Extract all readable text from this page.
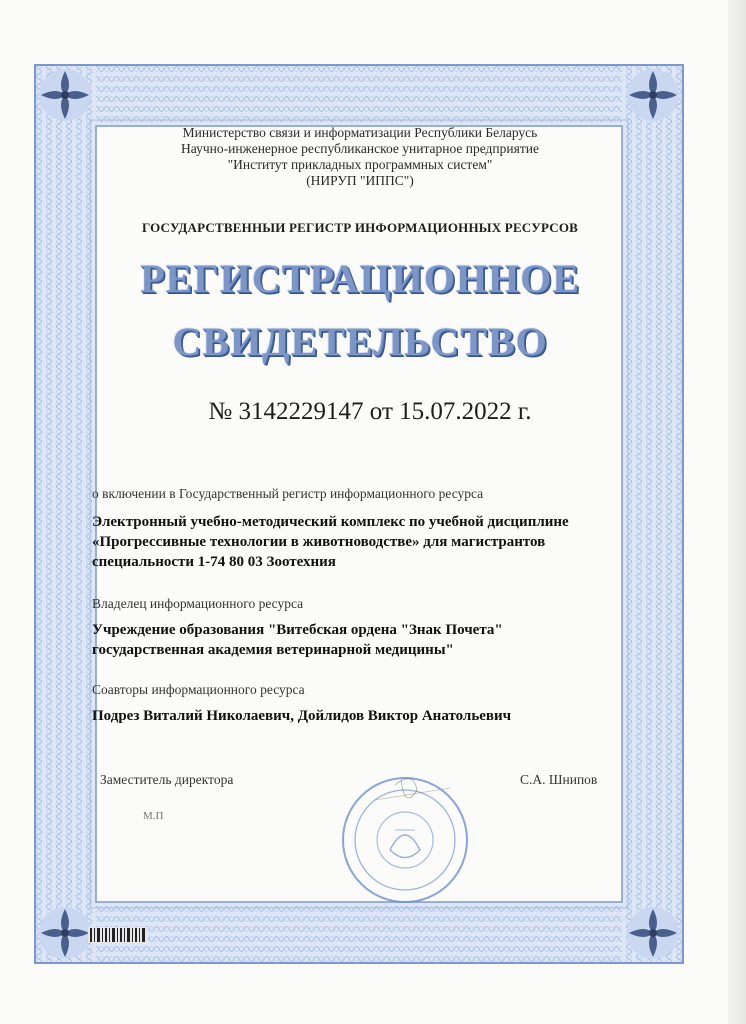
Министерство связи и информатизации Республики Беларусь
Научно-инженерное республиканское унитарное предприятие
"Институт прикладных программных систем"
(НИРУП "ИППС")
ГОСУДАРСТВЕННЫИ РЕГИСТР ИНФОРМАЦИОННЫХ РЕСУРСОВ
РЕГИСТРАЦИОННОЕ
СВИДЕТЕЛЬСТВО
№ 3142229147 от 15.07.2022 г.
о включении в Государственный регистр информационного ресурса
Электронный учебно-методический комплекс по учебной дисциплине
«Прогрессивные технологии в животноводстве» для магистрантов
специальности 1-74 80 03 Зоотехния
Владелец информационного ресурса
Учреждение образования "Витебская ордена "Знак Почета"
государственная академия ветеринарной медицины"
Соавторы информационного ресурса
Подрез Виталий Николаевич, Дойлидов Виктор Анатольевич
Заместитель директора	С.А. Шнипов
М.П
